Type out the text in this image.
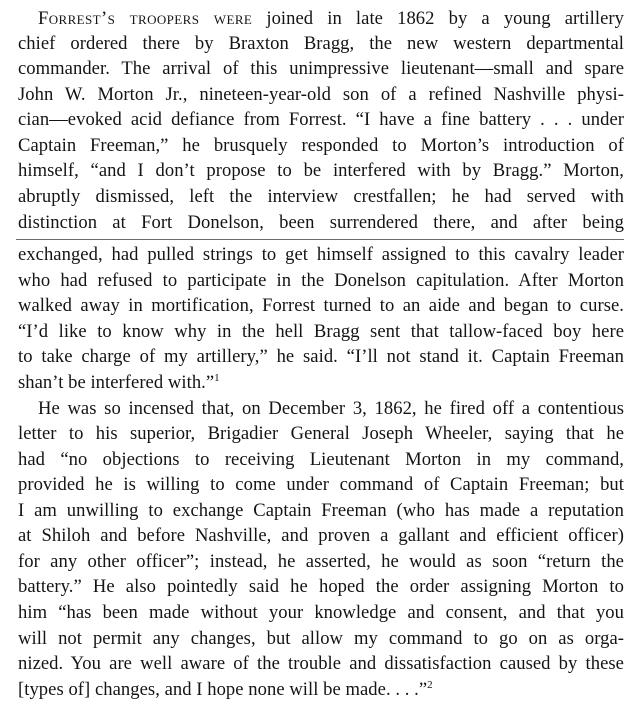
Forrest’s troopers were joined in late 1862 by a young artillery
chief ordered there by Braxton Bragg, the new western departmental
commander. The arrival of this unimpressive lieutenant—small and spare
John W. Morton Jr., nineteen-year-old son of a refined Nashville physi-
cian—evoked acid defiance from Forrest. “I have a fine battery . . . under
Captain Freeman,” he brusquely responded to Morton’s introduction of
himself, “and I don’t propose to be interfered with by Bragg.” Morton,
abruptly dismissed, left the interview crestfallen; he had served with
distinction at Fort Donelson, been surrendered there, and after being
exchanged, had pulled strings to get himself assigned to this cavalry leader
who had refused to participate in the Donelson capitulation. After Morton
walked away in mortification, Forrest turned to an aide and began to curse.
“I’d like to know why in the hell Bragg sent that tallow-faced boy here
to take charge of my artillery,” he said. “I’ll not stand it. Captain Freeman
shan’t be interfered with.”$^1$
He was so incensed that, on December 3, 1862, he fired off a contentious
letter to his superior, Brigadier General Joseph Wheeler, saying that he
had “no objections to receiving Lieutenant Morton in my command,
provided he is willing to come under command of Captain Freeman; but
I am unwilling to exchange Captain Freeman (who has made a reputation
at Shiloh and before Nashville, and proven a gallant and efficient officer)
for any other officer”; instead, he asserted, he would as soon “return the
battery.” He also pointedly said he hoped the order assigning Morton to
him “has been made without your knowledge and consent, and that you
will not permit any changes, but allow my command to go on as orga-
nized. You are well aware of the trouble and dissatisfaction caused by these
[types of] changes, and I hope none will be made. . . .”$^2$
